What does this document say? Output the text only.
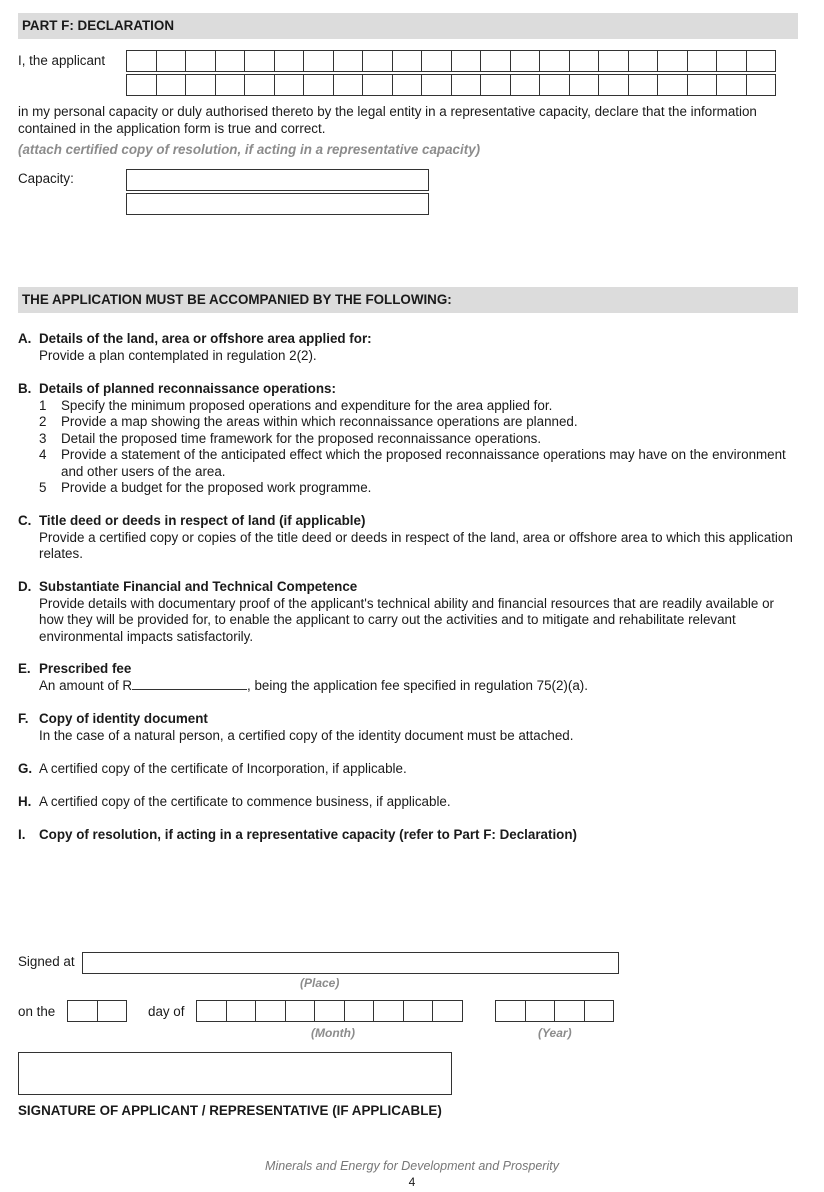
PART F: DECLARATION
I, the applicant
in my personal capacity or duly authorised thereto by the legal entity in a representative capacity, declare that the information contained in the application form is true and correct.
(attach certified copy of resolution, if acting in a representative capacity)
Capacity:
THE APPLICATION MUST BE ACCOMPANIED BY THE FOLLOWING:
A. Details of the land, area or offshore area applied for:
Provide a plan contemplated in regulation 2(2).
B. Details of planned reconnaissance operations:
1 Specify the minimum proposed operations and expenditure for the area applied for.
2 Provide a map showing the areas within which reconnaissance operations are planned.
3 Detail the proposed time framework for the proposed reconnaissance operations.
4 Provide a statement of the anticipated effect which the proposed reconnaissance operations may have on the environment and other users of the area.
5 Provide a budget for the proposed work programme.
C. Title deed or deeds in respect of land (if applicable)
Provide a certified copy or copies of the title deed or deeds in respect of the land, area or offshore area to which this application relates.
D. Substantiate Financial and Technical Competence
Provide details with documentary proof of the applicant's technical ability and financial resources that are readily available or how they will be provided for, to enable the applicant to carry out the activities and to mitigate and rehabilitate relevant environmental impacts satisfactorily.
E. Prescribed fee
An amount of R	, being the application fee specified in regulation 75(2)(a).
F. Copy of identity document
In the case of a natural person, a certified copy of the identity document must be attached.
G. A certified copy of the certificate of Incorporation, if applicable.
H. A certified copy of the certificate to commence business, if applicable.
I. Copy of resolution, if acting in a representative capacity (refer to Part F: Declaration)
Signed at
(Place)
on the	day of
(Month)	(Year)
SIGNATURE OF APPLICANT / REPRESENTATIVE (IF APPLICABLE)
Minerals and Energy for Development and Prosperity
4
